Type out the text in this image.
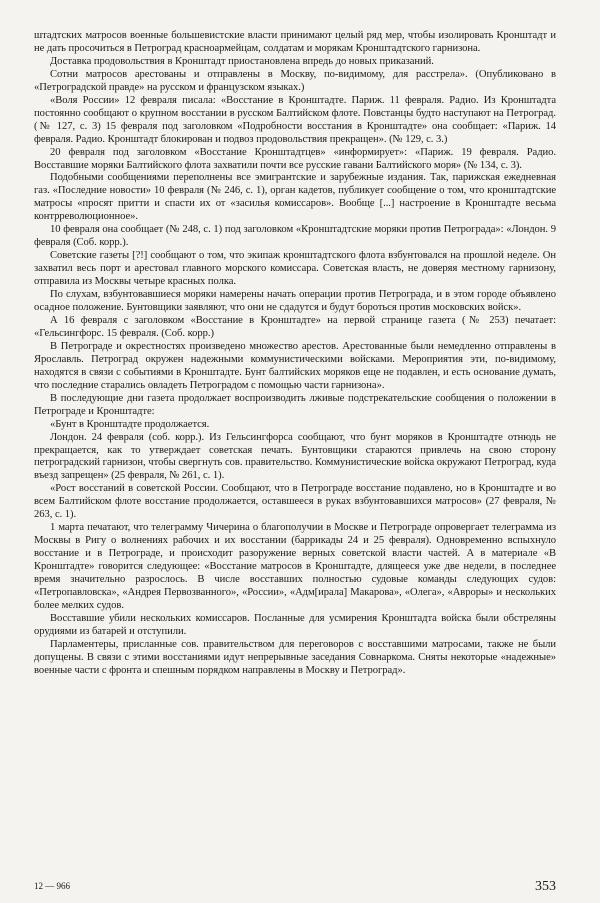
штадтских матросов военные большевистские власти принимают целый ряд мер, чтобы изолировать Кронштадт и не дать просочиться в Петроград красноармейцам, солдатам и морякам Кронштадтского гарнизона.

Доставка продовольствия в Кронштадт приостановлена впредь до новых приказаний.

Сотни матросов арестованы и отправлены в Москву, по-видимому, для расстрела». (Опубликовано в «Петроградской правде» на русском и французском языках.)

«Воля России» 12 февраля писала: «Восстание в Кронштадте. Париж. 11 февраля. Радио. Из Кронштадта постоянно сообщают о крупном восстании в русском Балтийском флоте. Повстанцы будто наступают на Петроград. (№ 127, с. 3) 15 февраля под заголовком «Подробности восстания в Кронштадте» она сообщает: «Париж. 14 февраля. Радио. Кронштадт блокирован и подвоз продовольствия прекращен». (№ 129, с. 3.)

20 февраля под заголовком «Восстание Кронштадтцев» «информирует»: «Париж. 19 февраля. Радио. Восставшие моряки Балтийского флота захватили почти все русские гавани Балтийского моря» (№ 134, с. 3).

Подобными сообщениями переполнены все эмигрантские и зарубежные издания. Так, парижская ежедневная газ. «Последние новости» 10 февраля (№ 246, с. 1), орган кадетов, публикует сообщение о том, что кронштадтские матросы «просят притти и спасти их от «засилья комиссаров». Вообще [...] настроение в Кронштадте весьма контрреволюционное».

10 февраля она сообщает (№ 248, с. 1) под заголовком «Кронштадтские моряки против Петрограда»: «Лондон. 9 февраля (Соб. корр.).

Советские газеты [?!] сообщают о том, что экипаж кронштадтского флота взбунтовался на прошлой неделе. Он захватил весь порт и арестовал главного морского комиссара. Советская власть, не доверяя местному гарнизону, отправила из Москвы четыре красных полка.

По слухам, взбунтовавшиеся моряки намерены начать операции против Петрограда, и в этом городе объявлено осадное положение. Бунтовщики заявляют, что они не сдадутся и будут бороться против московских войск».

А 16 февраля с заголовком «Восстание в Кронштадте» на первой странице газета (№ 253) печатает: «Гельсингфорс. 15 февраля. (Соб. корр.)

В Петрограде и окрестностях произведено множество арестов. Арестованные были немедленно отправлены в Ярославль. Петроград окружен надежными коммунистическими войсками. Мероприятия эти, по-видимому, находятся в связи с событиями в Кронштадте. Бунт балтийских моряков еще не подавлен, и есть основание думать, что последние старались овладеть Петроградом с помощью части гарнизона».

В последующие дни газета продолжает воспроизводить лживые подстрекательские сообщения о положении в Петрограде и Кронштадте:

«Бунт в Кронштадте продолжается.

Лондон. 24 февраля (соб. корр.). Из Гельсингфорса сообщают, что бунт моряков в Кронштадте отнюдь не прекращается, как то утверждает советская печать. Бунтовщики стараются привлечь на свою сторону петроградский гарнизон, чтобы свергнуть сов. правительство. Коммунистические войска окружают Петроград, куда въезд запрещен» (25 февраля, № 261, с. 1).

«Рост восстаний в советской России. Сообщают, что в Петрограде восстание подавлено, но в Кронштадте и во всем Балтийском флоте восстание продолжается, оставшееся в руках взбунтовавшихся матросов» (27 февраля, № 263, с. 1).

1 марта печатают, что телеграмму Чичерина о благополучии в Москве и Петрограде опровергает телеграмма из Москвы в Ригу о волнениях рабочих и их восстании (баррикады 24 и 25 февраля). Одновременно вспыхнуло восстание и в Петрограде, и происходит разоружение верных советской власти частей. А в материале «В Кронштадте» говорится следующее: «Восстание матросов в Кронштадте, длящееся уже две недели, в последнее время значительно разрослось. В числе восставших полностью судовые команды следующих судов: «Петропавловска», «Андрея Первозванного», «России», «Адм[ирала] Макарова», «Олега», «Авроры» и нескольких более мелких судов.

Восставшие убили нескольких комиссаров. Посланные для усмирения Кронштадта войска были обстреляны орудиями из батарей и отступили.

Парламентеры, присланные сов. правительством для переговоров с восставшими матросами, также не были допущены. В связи с этими восстаниями идут непрерывные заседания Совнаркома. Сняты некоторые «надежные» военные части с фронта и спешным порядком направлены в Москву и Петроград».

12 — 966	353
